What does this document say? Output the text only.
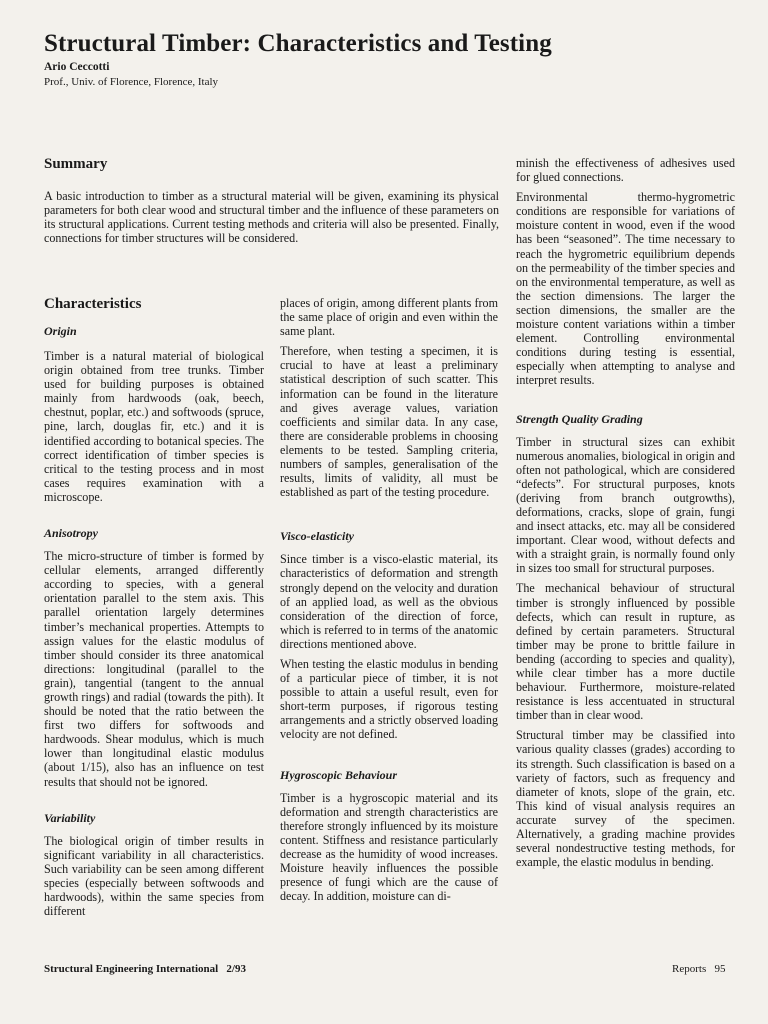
Structural Timber: Characteristics and Testing
Ario Ceccotti
Prof., Univ. of Florence, Florence, Italy
Summary

A basic introduction to timber as a structural material will be given, examining its physical parameters for both clear wood and structural timber and the influence of these parameters on its structural applications. Current testing methods and criteria will also be presented. Finally, connections for timber structures will be considered.

Characteristics
Origin

Timber is a natural material of biological origin obtained from tree trunks. Timber used for building purposes is obtained mainly from hardwoods (oak, beech, chestnut, poplar, etc.) and softwoods (spruce, pine, larch, douglas fir, etc.) and it is identified according to botanical species. The correct identification of timber species is critical to the testing process and in most cases requires examination with a microscope.

Anisotropy

The micro-structure of timber is formed by cellular elements, arranged differently according to species, with a general orientation parallel to the stem axis. This parallel orientation largely determines timber’s mechanical properties. Attempts to assign values for the elastic modulus of timber should consider its three anatomical directions: longitudinal (parallel to the grain), tangential (tangent to the annual growth rings) and radial (towards the pith). It should be noted that the ratio between the first two differs for softwoods and hardwoods. Shear modulus, which is much lower than longitudinal elastic modulus (about 1/15), also has an influence on test results that should not be ignored.

Variability

The biological origin of timber results in significant variability in all characteristics. Such variability can be seen among different species (especially between softwoods and hardwoods), within the same species from different

places of origin, among different plants from the same place of origin and even within the same plant.

Therefore, when testing a specimen, it is crucial to have at least a preliminary statistical description of such scatter. This information can be found in the literature and gives average values, variation coefficients and similar data. In any case, there are considerable problems in choosing elements to be tested. Sampling criteria, numbers of samples, generalisation of the results, limits of validity, all must be established as part of the testing procedure.

Visco-elasticity

Since timber is a visco-elastic material, its characteristics of deformation and strength strongly depend on the velocity and duration of an applied load, as well as the obvious consideration of the direction of force, which is referred to in terms of the anatomic directions mentioned above.

When testing the elastic modulus in bending of a particular piece of timber, it is not possible to attain a useful result, even for short-term purposes, if rigorous testing arrangements and a strictly observed loading velocity are not defined.

Hygroscopic Behaviour

Timber is a hygroscopic material and its deformation and strength characteristics are therefore strongly influenced by its moisture content. Stiffness and resistance particularly decrease as the humidity of wood increases. Moisture heavily influences the possible presence of fungi which are the cause of decay. In addition, moisture can di-

minish the effectiveness of adhesives used for glued connections.

Environmental thermo-hygrometric conditions are responsible for variations of moisture content in wood, even if the wood has been “seasoned”. The time necessary to reach the hygrometric equilibrium depends on the permeability of the timber species and on the environmental temperature, as well as the section dimensions. The larger the section dimensions, the smaller are the moisture content variations within a timber element. Controlling environmental conditions during testing is essential, especially when attempting to analyse and interpret results.

Strength Quality Grading

Timber in structural sizes can exhibit numerous anomalies, biological in origin and often not pathological, which are considered “defects”. For structural purposes, knots (deriving from branch outgrowths), deformations, cracks, slope of grain, fungi and insect attacks, etc. may all be considered important. Clear wood, without defects and with a straight grain, is normally found only in sizes too small for structural purposes.

The mechanical behaviour of structural timber is strongly influenced by possible defects, which can result in rupture, as defined by certain parameters. Structural timber may be prone to brittle failure in bending (according to species and quality), while clear timber has a more ductile behaviour. Furthermore, moisture-related resistance is less accentuated in structural timber than in clear wood.

Structural timber may be classified into various quality classes (grades) according to its strength. Such classification is based on a variety of factors, such as frequency and diameter of knots, slope of the grain, etc. This kind of visual analysis requires an accurate survey of the specimen. Alternatively, a grading machine provides several nondestructive testing methods, for example, the elastic modulus in bending.

Structural Engineering International   2/93	Reports   95
